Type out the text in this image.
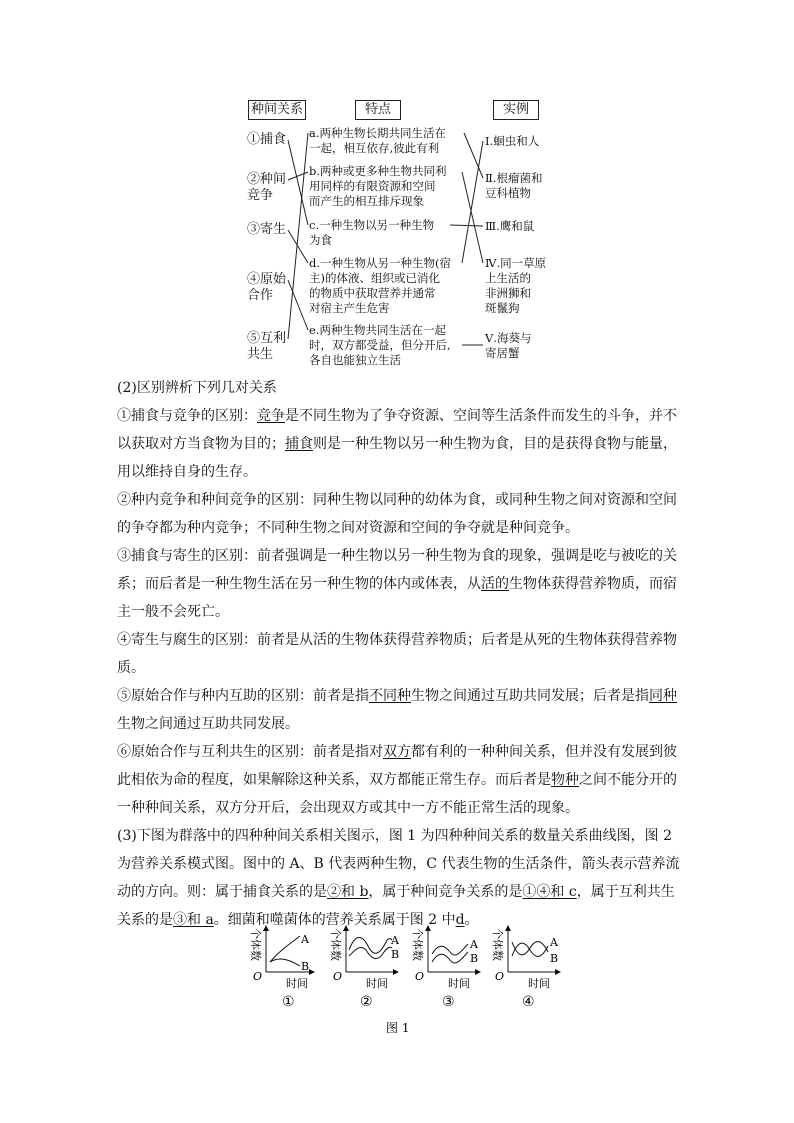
种间关系	特点	实例
①捕食
②种间
竞争
③寄生
④原始
合作
⑤互利
共生
a.两种生物长期共同生活在
一起，相互依存,彼此有利
b.两种或更多种生物共同利
用同样的有限资源和空间
而产生的相互排斥现象
c.一种生物以另一种生物
为食
d.一种生物从另一种生物(宿
主)的体液、组织或已消化
的物质中获取营养并通常
对宿主产生危害
e.两种生物共同生活在一起
时，双方都受益，但分开后,
各自也能独立生活
Ⅰ.蛔虫和人
Ⅱ.根瘤菌和
豆科植物
Ⅲ.鹰和鼠
Ⅳ.同一草原
上生活的
非洲狮和
斑鬣狗
Ⅴ.海葵与
寄居蟹
(2)区别辨析下列几对关系
①捕食与竞争的区别：竞争是不同生物为了争夺资源、空间等生活条件而发生的斗争，并不以获取对方当食物为目的；捕食则是一种生物以另一种生物为食，目的是获得食物与能量，用以维持自身的生存。
②种内竞争和种间竞争的区别：同种生物以同种的幼体为食，或同种生物之间对资源和空间的争夺都为种内竞争；不同种生物之间对资源和空间的争夺就是种间竞争。
③捕食与寄生的区别：前者强调是一种生物以另一种生物为食的现象，强调是吃与被吃的关系；而后者是一种生物生活在另一种生物的体内或体表，从活的生物体获得营养物质，而宿主一般不会死亡。
④寄生与腐生的区别：前者是从活的生物体获得营养物质；后者是从死的生物体获得营养物质。
⑤原始合作与种内互助的区别：前者是指不同种生物之间通过互助共同发展；后者是指同种生物之间通过互助共同发展。
⑥原始合作与互利共生的区别：前者是指对双方都有利的一种种间关系，但并没有发展到彼此相依为命的程度，如果解除这种关系，双方都能正常生存。而后者是物种之间不能分开的一种种间关系，双方分开后，会出现双方或其中一方不能正常生活的现象。
(3)下图为群落中的四种种间关系相关图示，图 1 为四种种间关系的数量关系曲线图，图 2 为营养关系模式图。图中的 A、B 代表两种生物，C 代表生物的生活条件，箭头表示营养流动的方向。则：属于捕食关系的是②和 b，属于种间竞争关系的是①④和 c，属于互利共生关系的是③和 a。细菌和噬菌体的营养关系属于图 2 中d。
个体数
O
时间
A
B
①
个体数
O
时间
A
B
②
个体数
O
时间
A
B
③
个体数
O
时间
A
B
④
图 1
